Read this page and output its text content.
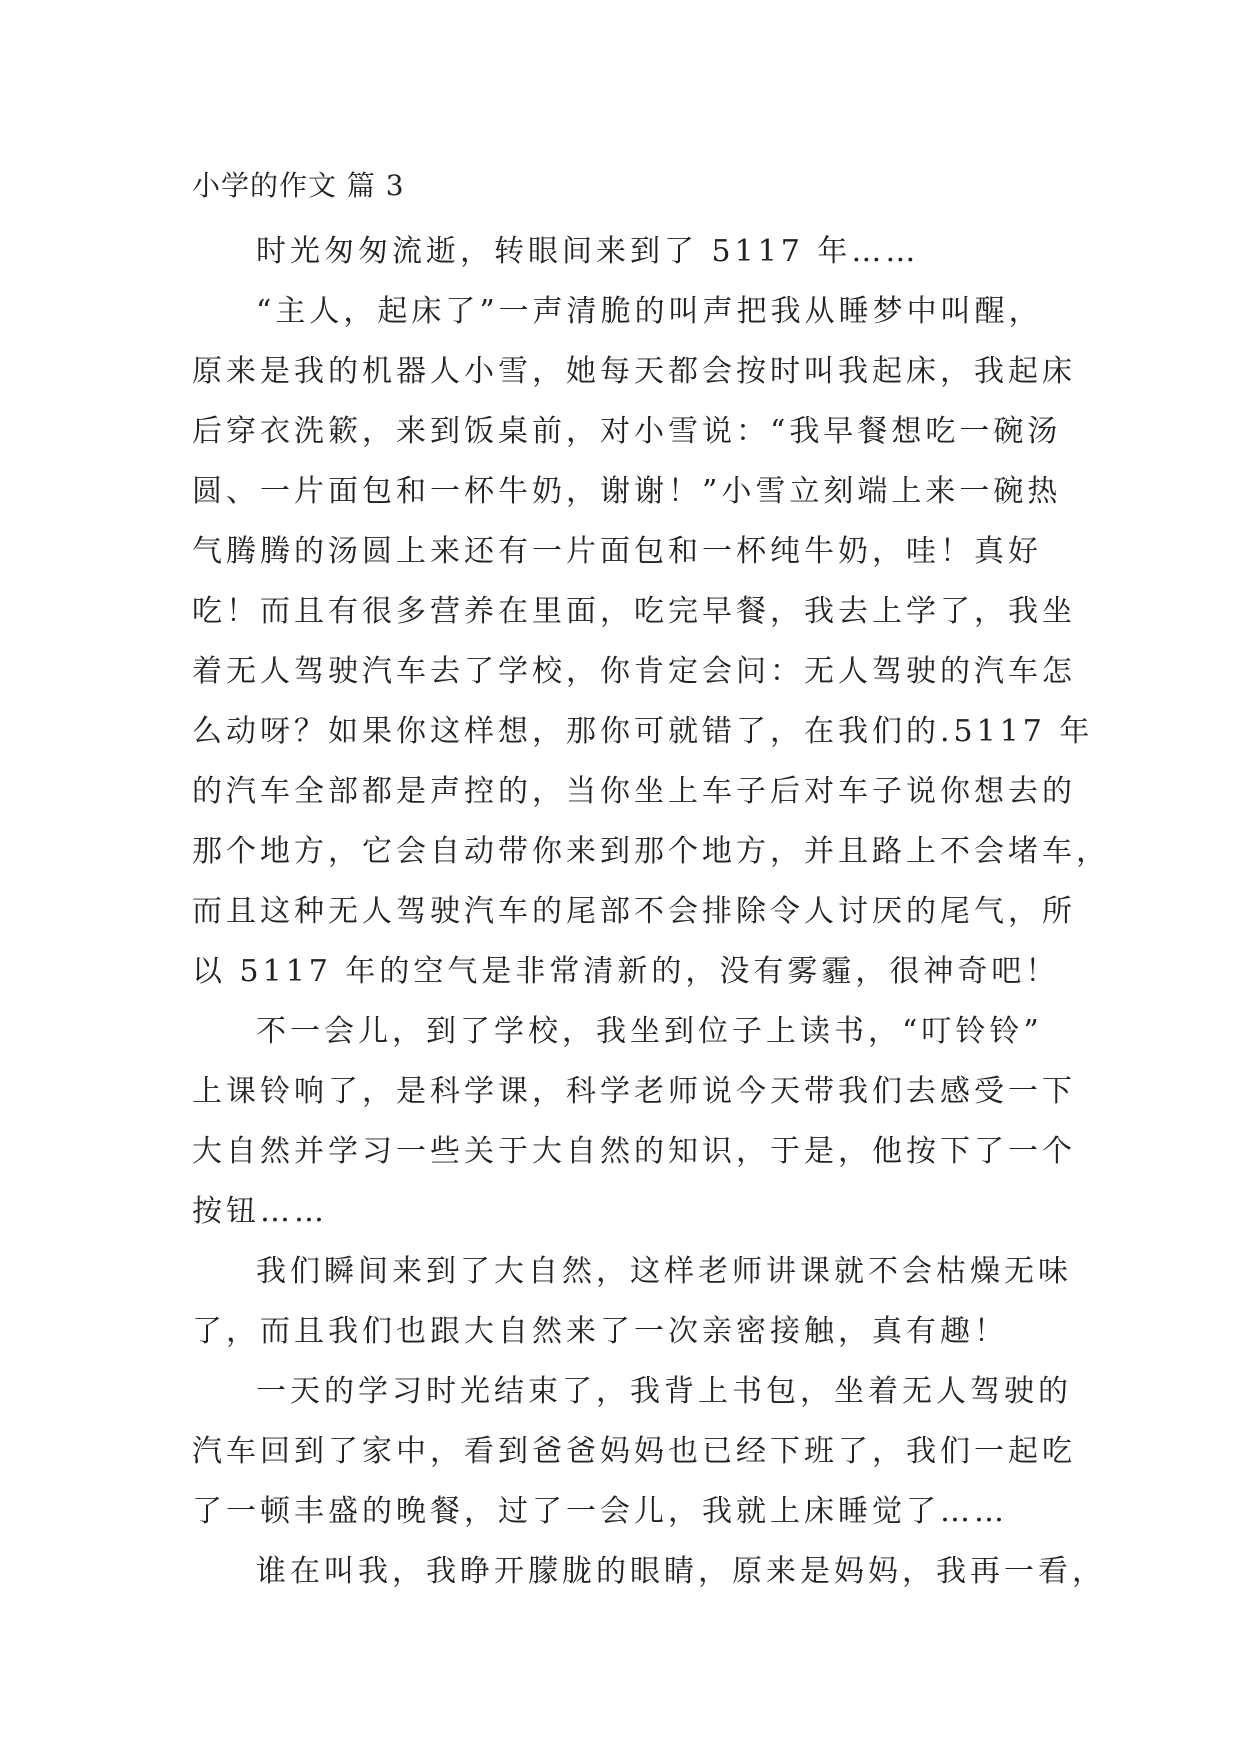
小学的作文 篇 3
时光匆匆流逝，转眼间来到了 5117 年……
“主人，起床了”一声清脆的叫声把我从睡梦中叫醒，
原来是我的机器人小雪，她每天都会按时叫我起床，我起床
后穿衣洗簌，来到饭桌前，对小雪说：“我早餐想吃一碗汤
圆、一片面包和一杯牛奶，谢谢！”小雪立刻端上来一碗热
气腾腾的汤圆上来还有一片面包和一杯纯牛奶，哇！真好
吃！而且有很多营养在里面，吃完早餐，我去上学了，我坐
着无人驾驶汽车去了学校，你肯定会问：无人驾驶的汽车怎
么动呀？如果你这样想，那你可就错了，在我们的.5117 年
的汽车全部都是声控的，当你坐上车子后对车子说你想去的
那个地方，它会自动带你来到那个地方，并且路上不会堵车，
而且这种无人驾驶汽车的尾部不会排除令人讨厌的尾气，所
以 5117 年的空气是非常清新的，没有雾霾，很神奇吧！
不一会儿，到了学校，我坐到位子上读书，“叮铃铃”
上课铃响了，是科学课，科学老师说今天带我们去感受一下
大自然并学习一些关于大自然的知识，于是，他按下了一个
按钮……
我们瞬间来到了大自然，这样老师讲课就不会枯燥无味
了，而且我们也跟大自然来了一次亲密接触，真有趣！
一天的学习时光结束了，我背上书包，坐着无人驾驶的
汽车回到了家中，看到爸爸妈妈也已经下班了，我们一起吃
了一顿丰盛的晚餐，过了一会儿，我就上床睡觉了……
谁在叫我，我睁开朦胧的眼睛，原来是妈妈，我再一看，
